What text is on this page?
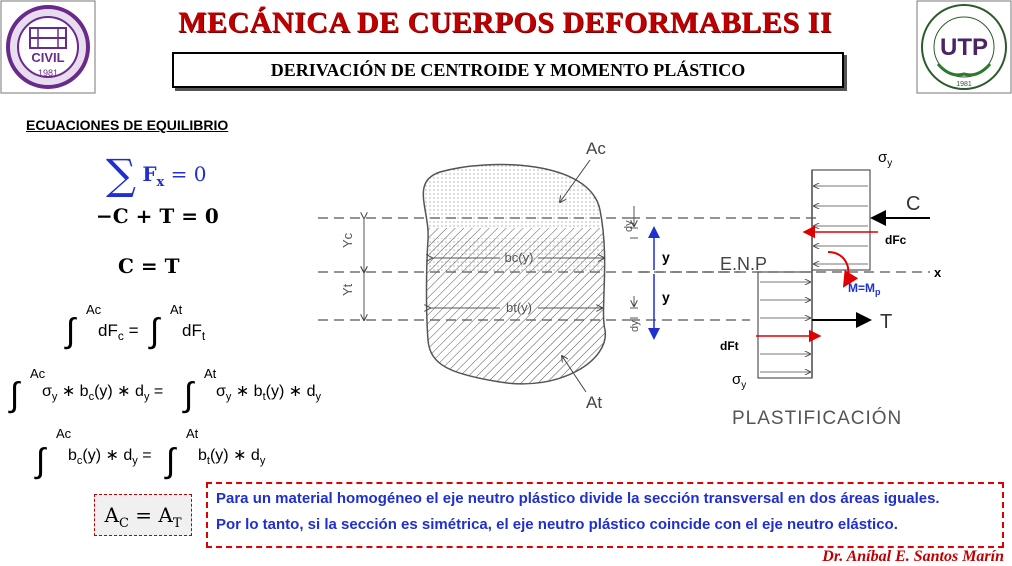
CIVIL
1981
UTP
1981
MECÁNICA DE CUERPOS DEFORMABLES II
DERIVACIÓN DE CENTROIDE Y MOMENTO PLÁSTICO
ECUACIONES DE EQUILIBRIO
∑ $F_x = 0$
−C + T = 0
C = T
∫
Ac
$dF_c$ = ∫
At
$dF_t$
∫
Ac
$\sigma_y$ ∗ $b_c(y)$ ∗ $d_y$ = ∫
At
$\sigma_y$ ∗ $b_t(y)$ ∗ $d_y$
∫
Ac
$b_c(y)$ ∗ $d_y$ = ∫
At
$b_t(y)$ ∗ $d_y$
$A_C = A_T$
Yc
Yt
bc(y)
bt(y)
Ac
At
dy
dy
y
y
E.N.P	x
C
$\sigma_y$
dFc
$M=M_p$
T
dFt
$\sigma_y$
PLASTIFICACIÓN
Para un material homogéneo el eje neutro plástico divide la sección transversal en dos áreas iguales.
Por lo tanto, si la sección es simétrica, el eje neutro plástico coincide con el eje neutro elástico.
Dr. Aníbal E. Santos Marín
